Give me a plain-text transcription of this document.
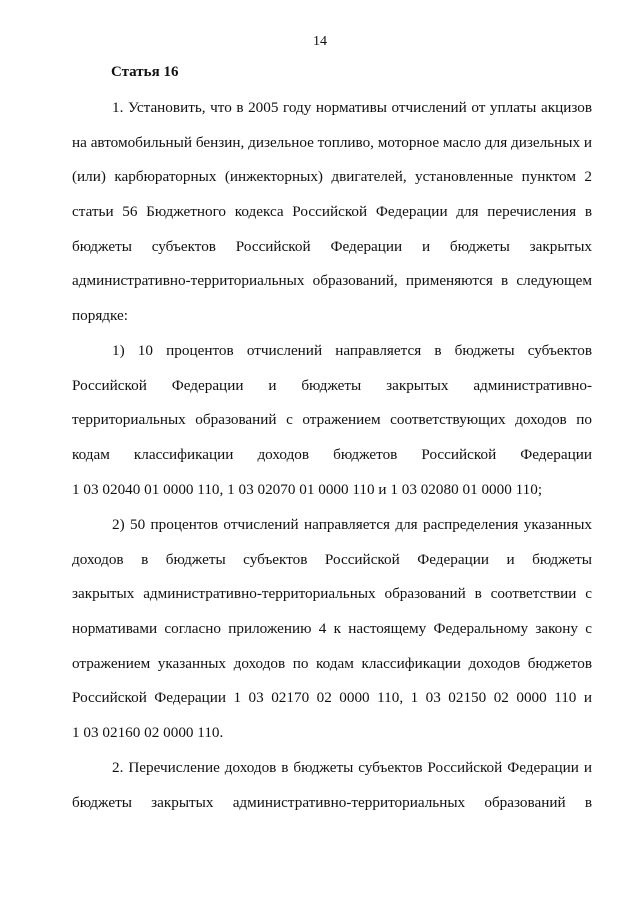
14
Статья 16
1. Установить, что в 2005 году нормативы отчислений от уплаты акцизов
на автомобильный бензин, дизельное топливо, моторное масло для дизельных и
(или) карбюраторных (инжекторных) двигателей, установленные пунктом 2
статьи 56 Бюджетного кодекса Российской Федерации для перечисления в
бюджеты субъектов Российской Федерации и бюджеты закрытых
административно-территориальных образований, применяются в следующем
порядке:
1) 10 процентов отчислений направляется в бюджеты субъектов
Российской Федерации и бюджеты закрытых административно-
территориальных образований с отражением соответствующих доходов по
кодам классификации доходов бюджетов Российской Федерации
1 03 02040 01 0000 110, 1 03 02070 01 0000 110 и 1 03 02080 01 0000 110;
2) 50 процентов отчислений направляется для распределения указанных
доходов в бюджеты субъектов Российской Федерации и бюджеты
закрытых административно-территориальных образований в соответствии с
нормативами согласно приложению 4 к настоящему Федеральному закону с
отражением указанных доходов по кодам классификации доходов бюджетов
Российской Федерации 1 03 02170 02 0000 110, 1 03 02150 02 0000 110 и
1 03 02160 02 0000 110.
2. Перечисление доходов в бюджеты субъектов Российской Федерации и
бюджеты закрытых административно-территориальных образований в
